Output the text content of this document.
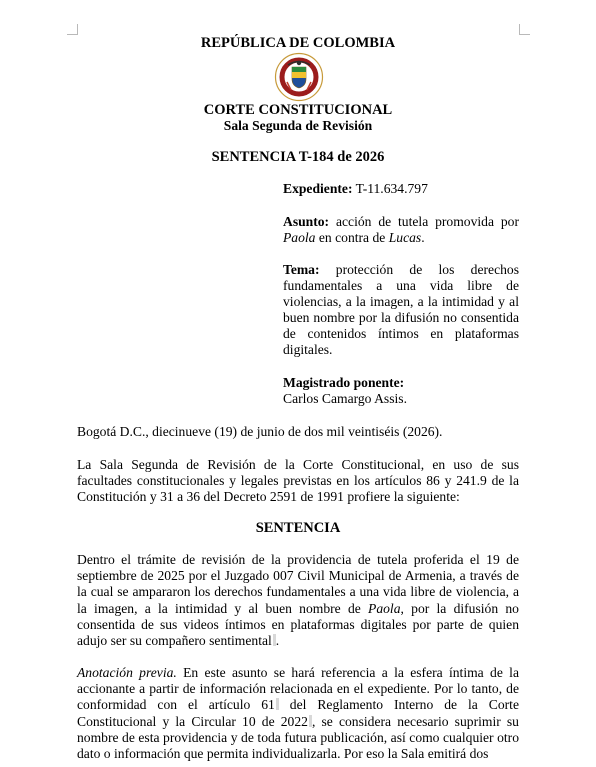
REPÚBLICA DE COLOMBIA
CORTE CONSTITUCIONAL
Sala Segunda de Revisión
SENTENCIA T-184 de 2026
Expediente: T-11.634.797
Asunto: acción de tutela promovida por Paola en contra de Lucas.
Tema: protección de los derechos fundamentales a una vida libre de violencias, a la imagen, a la intimidad y al buen nombre por la difusión no consentida de contenidos íntimos en plataformas digitales.
Magistrado ponente:
Carlos Camargo Assis.
Bogotá D.C., diecinueve (19) de junio de dos mil veintiséis (2026).
La Sala Segunda de Revisión de la Corte Constitucional, en uso de sus facultades constitucionales y legales previstas en los artículos 86 y 241.9 de la Constitución y 31 a 36 del Decreto 2591 de 1991 profiere la siguiente:
SENTENCIA
Dentro el trámite de revisión de la providencia de tutela proferida el 19 de septiembre de 2025 por el Juzgado 007 Civil Municipal de Armenia, a través de la cual se ampararon los derechos fundamentales a una vida libre de violencia, a la imagen, a la intimidad y al buen nombre de Paola, por la difusión no consentida de sus videos íntimos en plataformas digitales por parte de quien adujo ser su compañero sentimental .
Anotación previa. En este asunto se hará referencia a la esfera íntima de la accionante a partir de información relacionada en el expediente. Por lo tanto, de conformidad con el artículo 61 del Reglamento Interno de la Corte Constitucional y la Circular 10 de 2022 , se considera necesario suprimir su nombre de esta providencia y de toda futura publicación, así como cualquier otro dato o información que permita individualizarla. Por eso la Sala emitirá dos
